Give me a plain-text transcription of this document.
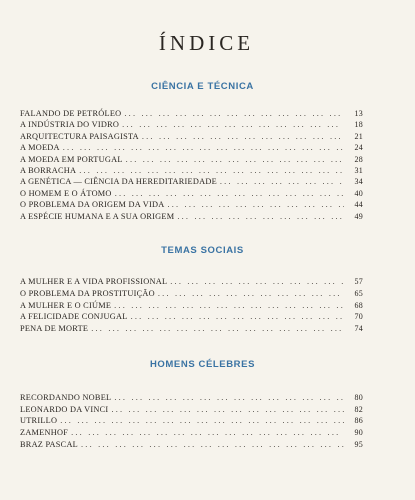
ÍNDICE
CIÊNCIA E TÉCNICA
FALANDO DE PETRÓLEO ... .	13
A INDÚSTRIA DO VIDRO ... .	18
ARQUITECTURA PAISAGISTA ... .	21
A MOEDA ... .	24
A MOEDA EM PORTUGAL ... .	28
A BORRACHA ... .	31
A GENÉTICA — CIÊNCIA DA HEREDITARIEDADE ... .	34
O HOMEM E O ÁTOMO ... .	40
O PROBLEMA DA ORIGEM DA VIDA ... .	44
A ESPÉCIE HUMANA E A SUA ORIGEM ... .	49
TEMAS SOCIAIS
A MULHER E A VIDA PROFISSIONAL ... .	57
O PROBLEMA DA PROSTITUIÇÃO ... .	65
A MULHER E O CIÚME ... .	68
A FELICIDADE CONJUGAL ... .	70
PENA DE MORTE ... .	74
HOMENS CÉLEBRES
RECORDANDO NOBEL ... .	80
LEONARDO DA VINCI ... .	82
UTRILLO ... .	86
ZAMENHOF ... .	90
BRAZ PASCAL ... .	95
